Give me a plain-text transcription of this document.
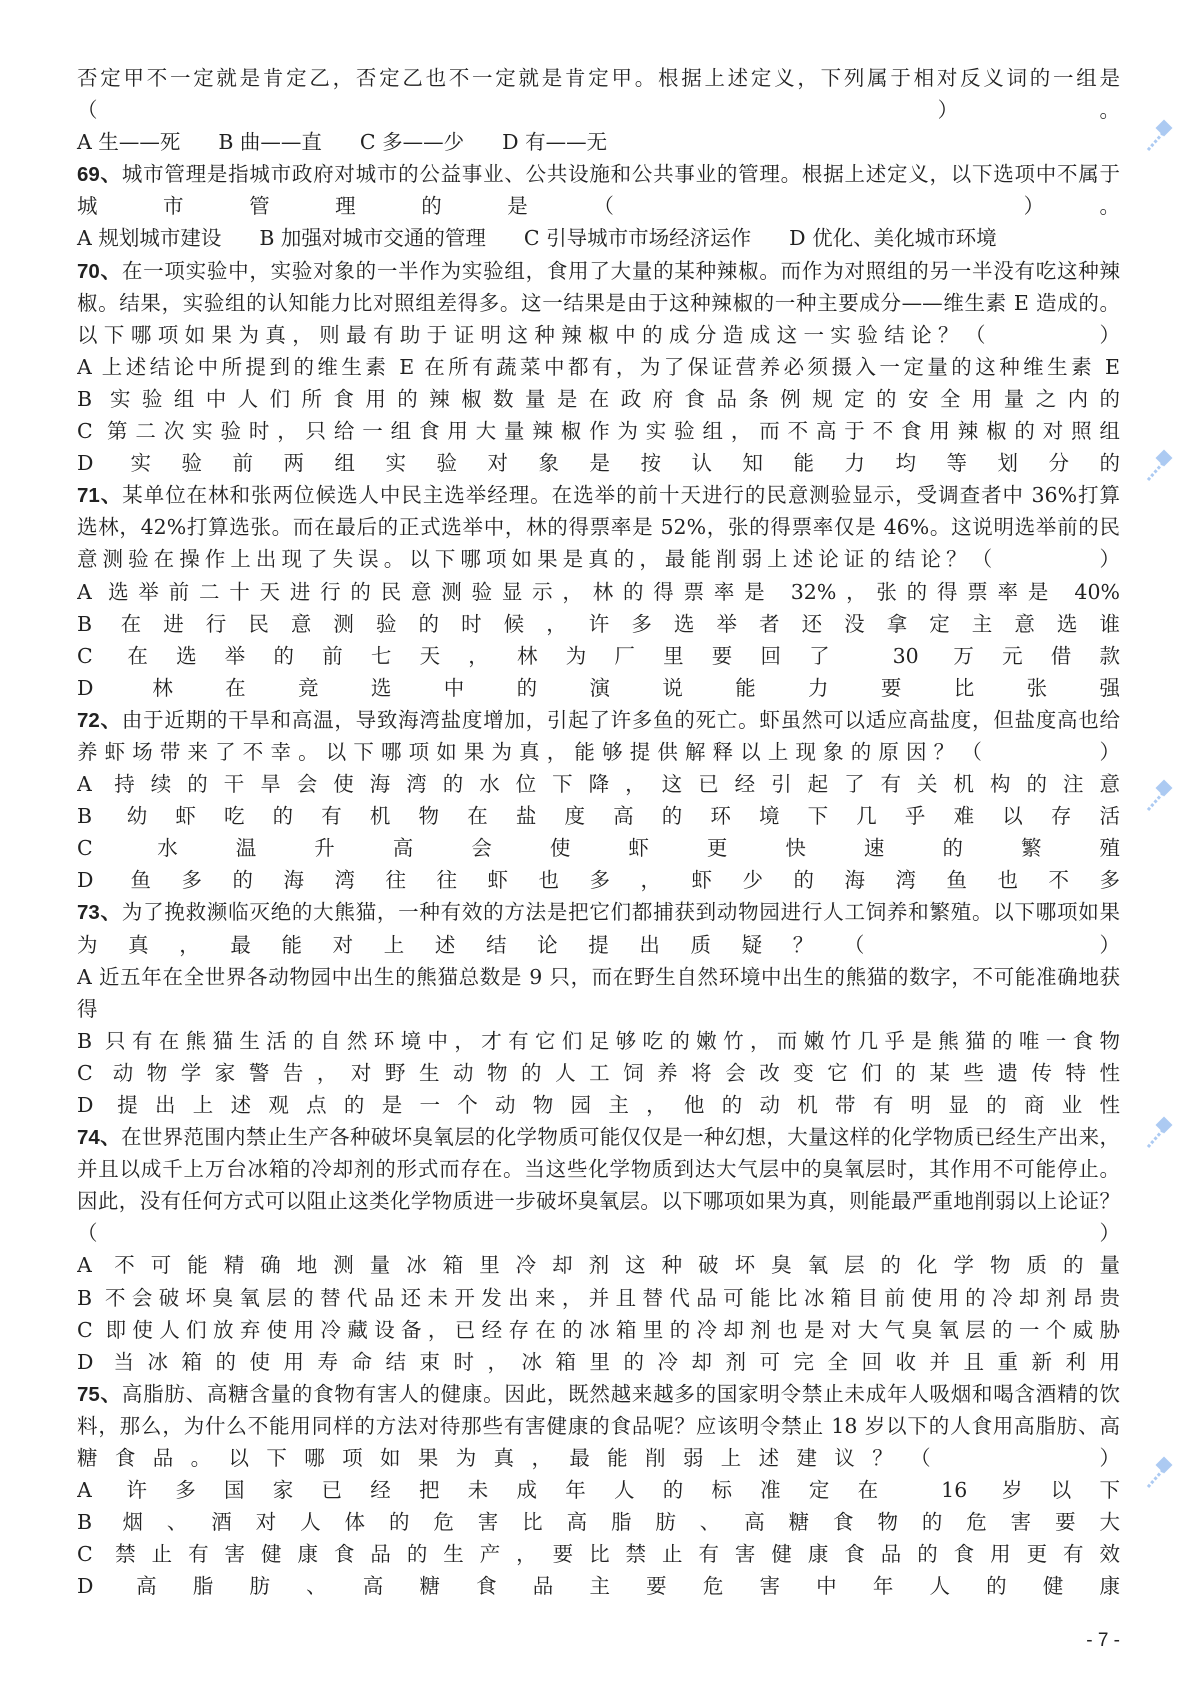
否定甲不一定就是肯定乙，否定乙也不一定就是肯定甲。根据上述定义，下列属于相对反义词的一组是
（　　　　）。
A 生——死 B 曲——直 C 多——少 D 有——无
69、城市管理是指城市政府对城市的公益事业、公共设施和公共事业的管理。根据上述定义，以下选项中不属于
城市管理的是（　　　　）。
A 规划城市建设 B 加强对城市交通的管理 C 引导城市市场经济运作 D 优化、美化城市环境
70、在一项实验中，实验对象的一半作为实验组，食用了大量的某种辣椒。而作为对照组的另一半没有吃这种辣
椒。结果，实验组的认知能力比对照组差得多。这一结果是由于这种辣椒的一种主要成分——维生素 E 造成的。
以下哪项如果为真，则最有助于证明这种辣椒中的成分造成这一实验结论？（　　　　）
A 上述结论中所提到的维生素 E 在所有蔬菜中都有，为了保证营养必须摄入一定量的这种维生素 E
B 实验组中人们所食用的辣椒数量是在政府食品条例规定的安全用量之内的
C 第二次实验时，只给一组食用大量辣椒作为实验组，而不高于不食用辣椒的对照组
D 实验前两组实验对象是按认知能力均等划分的
71、某单位在林和张两位候选人中民主选举经理。在选举的前十天进行的民意测验显示，受调查者中 36%打算
选林，42%打算选张。而在最后的正式选举中，林的得票率是 52%，张的得票率仅是 46%。这说明选举前的民
意测验在操作上出现了失误。以下哪项如果是真的，最能削弱上述论证的结论？（　　　　）
A 选举前二十天进行的民意测验显示，林的得票率是 32%，张的得票率是 40%
B 在进行民意测验的时候，许多选举者还没拿定主意选谁
C 在选举的前七天，林为厂里要回了 30 万元借款
D 林在竞选中的演说能力要比张强
72、由于近期的干旱和高温，导致海湾盐度增加，引起了许多鱼的死亡。虾虽然可以适应高盐度，但盐度高也给
养虾场带来了不幸。以下哪项如果为真，能够提供解释以上现象的原因？（　　　　）
A 持续的干旱会使海湾的水位下降，这已经引起了有关机构的注意
B 幼虾吃的有机物在盐度高的环境下几乎难以存活
C 水温升高会使虾更快速的繁殖
D 鱼多的海湾往往虾也多，虾少的海湾鱼也不多
73、为了挽救濒临灭绝的大熊猫，一种有效的方法是把它们都捕获到动物园进行人工饲养和繁殖。以下哪项如果
为真，最能对上述结论提出质疑？（　　　　）
A 近五年在全世界各动物园中出生的熊猫总数是 9 只，而在野生自然环境中出生的熊猫的数字，不可能准确地获
得
B 只有在熊猫生活的自然环境中，才有它们足够吃的嫩竹，而嫩竹几乎是熊猫的唯一食物
C 动物学家警告，对野生动物的人工饲养将会改变它们的某些遗传特性
D 提出上述观点的是一个动物园主，他的动机带有明显的商业性
74、在世界范围内禁止生产各种破坏臭氧层的化学物质可能仅仅是一种幻想，大量这样的化学物质已经生产出来，
并且以成千上万台冰箱的冷却剂的形式而存在。当这些化学物质到达大气层中的臭氧层时，其作用不可能停止。
因此，没有任何方式可以阻止这类化学物质进一步破坏臭氧层。以下哪项如果为真，则能最严重地削弱以上论证？
（　　　　）
A 不可能精确地测量冰箱里冷却剂这种破坏臭氧层的化学物质的量
B 不会破坏臭氧层的替代品还未开发出来，并且替代品可能比冰箱目前使用的冷却剂昂贵
C 即使人们放弃使用冷藏设备，已经存在的冰箱里的冷却剂也是对大气臭氧层的一个威胁
D 当冰箱的使用寿命结束时，冰箱里的冷却剂可完全回收并且重新利用
75、高脂肪、高糖含量的食物有害人的健康。因此，既然越来越多的国家明令禁止未成年人吸烟和喝含酒精的饮
料，那么，为什么不能用同样的方法对待那些有害健康的食品呢？应该明令禁止 18 岁以下的人食用高脂肪、高
糖食品。以下哪项如果为真，最能削弱上述建议？（　　　　）
A 许多国家已经把未成年人的标准定在 16 岁以下
B 烟、酒对人体的危害比高脂肪、高糖食物的危害要大
C 禁止有害健康食品的生产，要比禁止有害健康食品的食用更有效
D 高脂肪、高糖食品主要危害中年人的健康
- 7 -
